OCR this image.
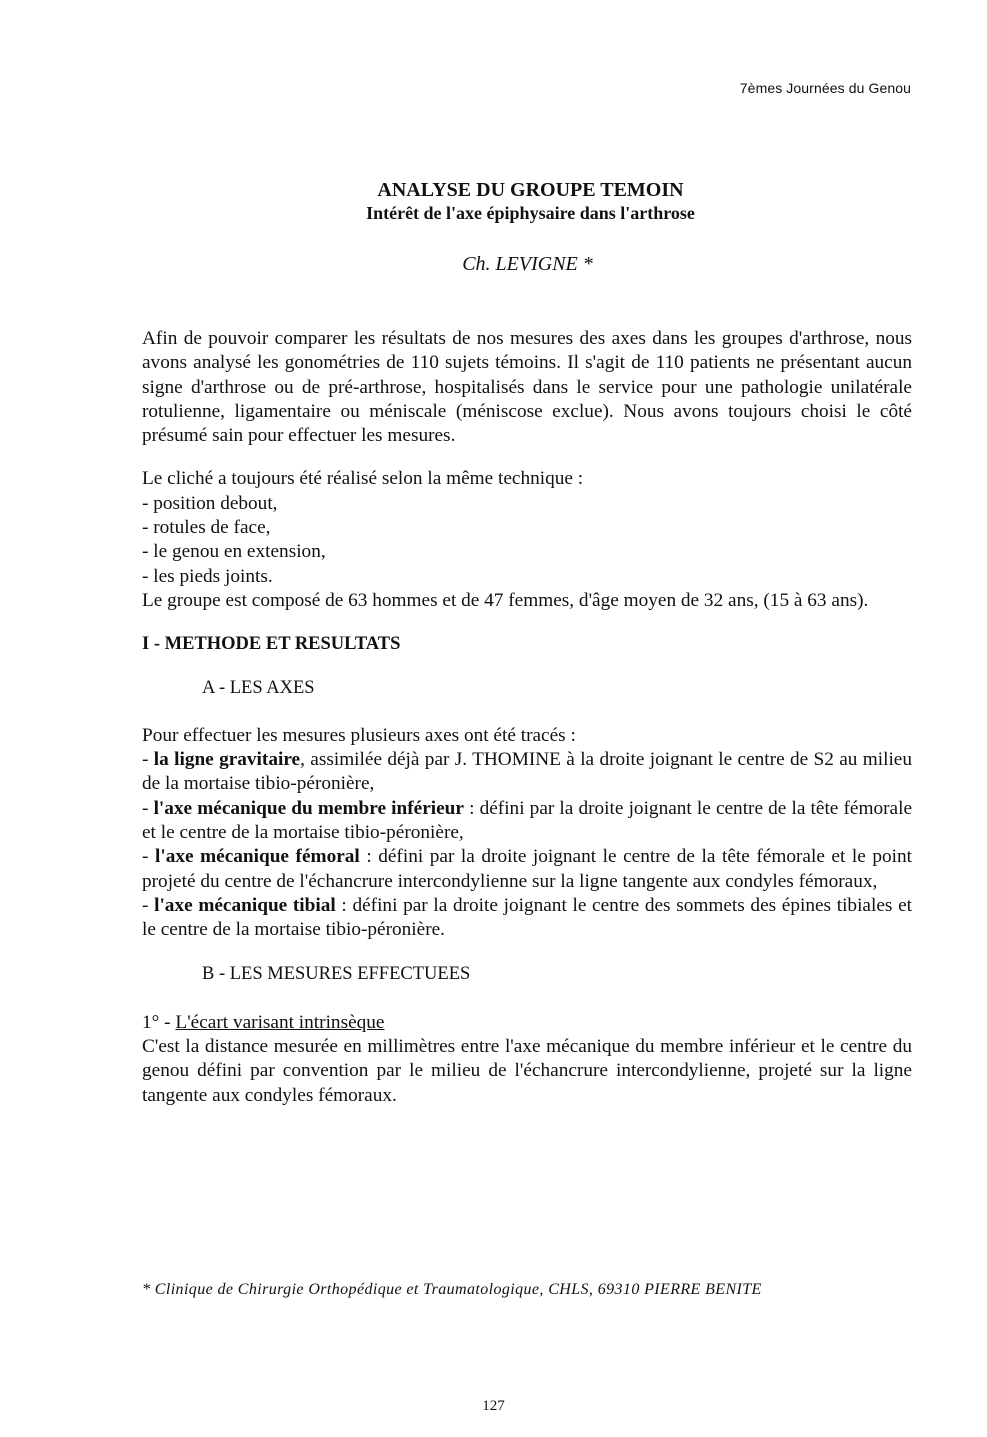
7èmes Journées du Genou
ANALYSE DU GROUPE TEMOIN
Intérêt de l'axe épiphysaire dans l'arthrose
Ch. LEVIGNE *

Afin de pouvoir comparer les résultats de nos mesures des axes dans les groupes d'arthrose, nous avons analysé les gonométries de 110 sujets témoins. Il s'agit de 110 patients ne présentant aucun signe d'arthrose ou de pré-arthrose, hospitalisés dans le service pour une pathologie unilatérale rotulienne, ligamentaire ou méniscale (méniscose exclue). Nous avons toujours choisi le côté présumé sain pour effectuer les mesures.

Le cliché a toujours été réalisé selon la même technique :

- position debout,

- rotules de face,

- le genou en extension,

- les pieds joints.

Le groupe est composé de 63 hommes et de 47 femmes, d'âge moyen de 32 ans, (15 à 63 ans).

I - METHODE ET RESULTATS

A - LES AXES

Pour effectuer les mesures plusieurs axes ont été tracés :

- la ligne gravitaire, assimilée déjà par J. THOMINE à la droite joignant le centre de S2 au milieu de la mortaise tibio-péronière,

- l'axe mécanique du membre inférieur : défini par la droite joignant le centre de la tête fémorale et le centre de la mortaise tibio-péronière,

- l'axe mécanique fémoral : défini par la droite joignant le centre de la tête fémorale et le point projeté du centre de l'échancrure intercondylienne sur la ligne tangente aux condyles fémoraux,

- l'axe mécanique tibial : défini par la droite joignant le centre des sommets des épines tibiales et le centre de la mortaise tibio-péronière.

B - LES MESURES EFFECTUEES

1° - L'écart varisant intrinsèque

C'est la distance mesurée en millimètres entre l'axe mécanique du membre inférieur et le centre du genou défini par convention par le milieu de l'échancrure intercondylienne, projeté sur la ligne tangente aux condyles fémoraux.

* Clinique de Chirurgie Orthopédique et Traumatologique, CHLS, 69310 PIERRE BENITE
127
